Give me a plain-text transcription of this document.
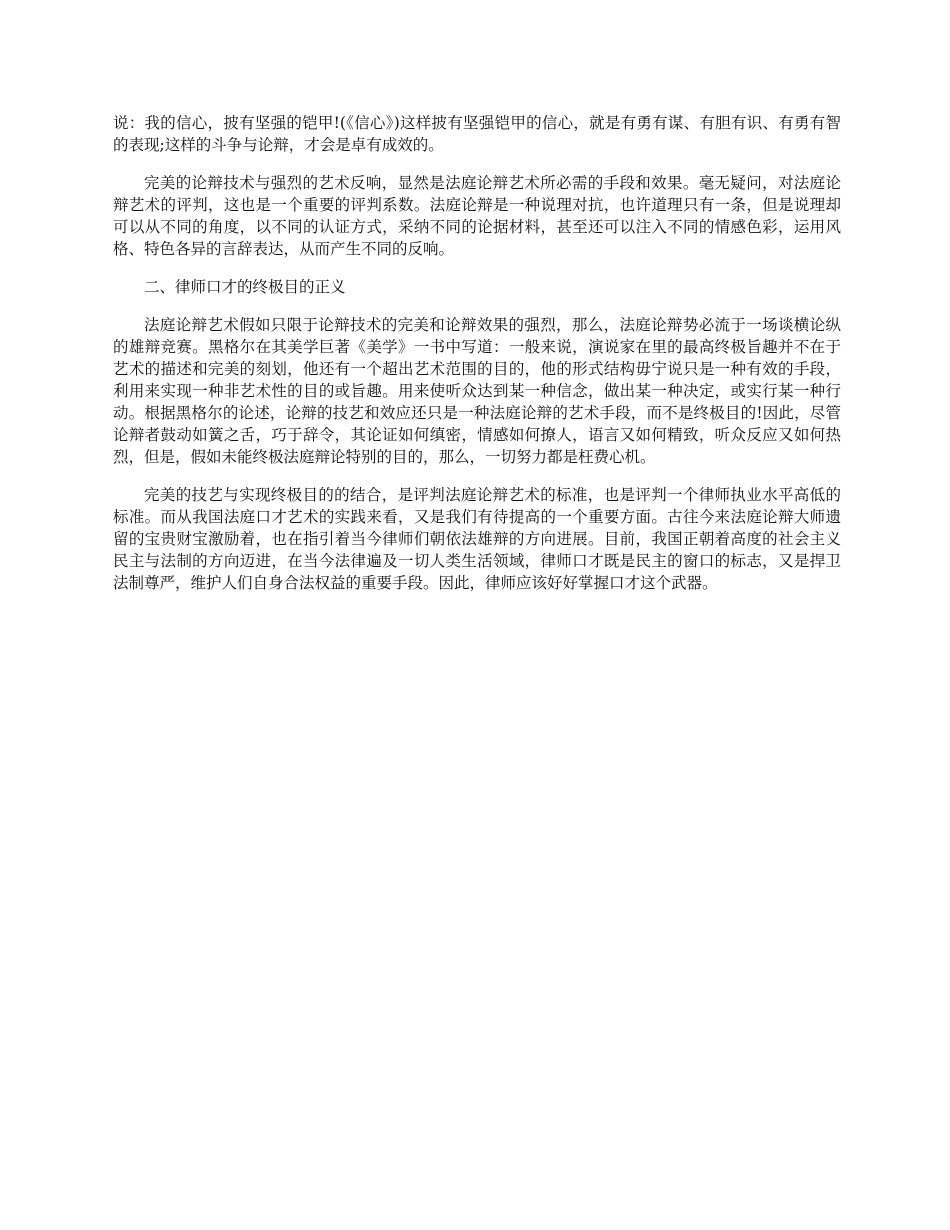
说：我的信心，披有坚强的铠甲!(《信心》)这样披有坚强铠甲的信心，就是有勇有谋、有胆有识、有勇有智的表现;这样的斗争与论辩，才会是卓有成效的。

完美的论辩技术与强烈的艺术反响，显然是法庭论辩艺术所必需的手段和效果。毫无疑问，对法庭论辩艺术的评判，这也是一个重要的评判系数。法庭论辩是一种说理对抗，也许道理只有一条，但是说理却可以从不同的角度，以不同的认证方式，采纳不同的论据材料，甚至还可以注入不同的情感色彩，运用风格、特色各异的言辞表达，从而产生不同的反响。

二、律师口才的终极目的正义

法庭论辩艺术假如只限于论辩技术的完美和论辩效果的强烈，那么，法庭论辩势必流于一场谈横论纵的雄辩竞赛。黑格尔在其美学巨著《美学》一书中写道：一般来说，演说家在里的最高终极旨趣并不在于艺术的描述和完美的刻划，他还有一个超出艺术范围的目的，他的形式结构毋宁说只是一种有效的手段，利用来实现一种非艺术性的目的或旨趣。用来使听众达到某一种信念，做出某一种决定，或实行某一种行动。根据黑格尔的论述，论辩的技艺和效应还只是一种法庭论辩的艺术手段，而不是终极目的!因此，尽管论辩者鼓动如簧之舌，巧于辞令，其论证如何缜密，情感如何撩人，语言又如何精致，听众反应又如何热烈，但是，假如未能终极法庭辩论特别的目的，那么，一切努力都是枉费心机。

完美的技艺与实现终极目的的结合，是评判法庭论辩艺术的标准，也是评判一个律师执业水平高低的标准。而从我国法庭口才艺术的实践来看，又是我们有待提高的一个重要方面。古往今来法庭论辩大师遗留的宝贵财宝激励着，也在指引着当今律师们朝依法雄辩的方向进展。目前，我国正朝着高度的社会主义民主与法制的方向迈进，在当今法律遍及一切人类生活领域，律师口才既是民主的窗口的标志，又是捍卫法制尊严，维护人们自身合法权益的重要手段。因此，律师应该好好掌握口才这个武器。
